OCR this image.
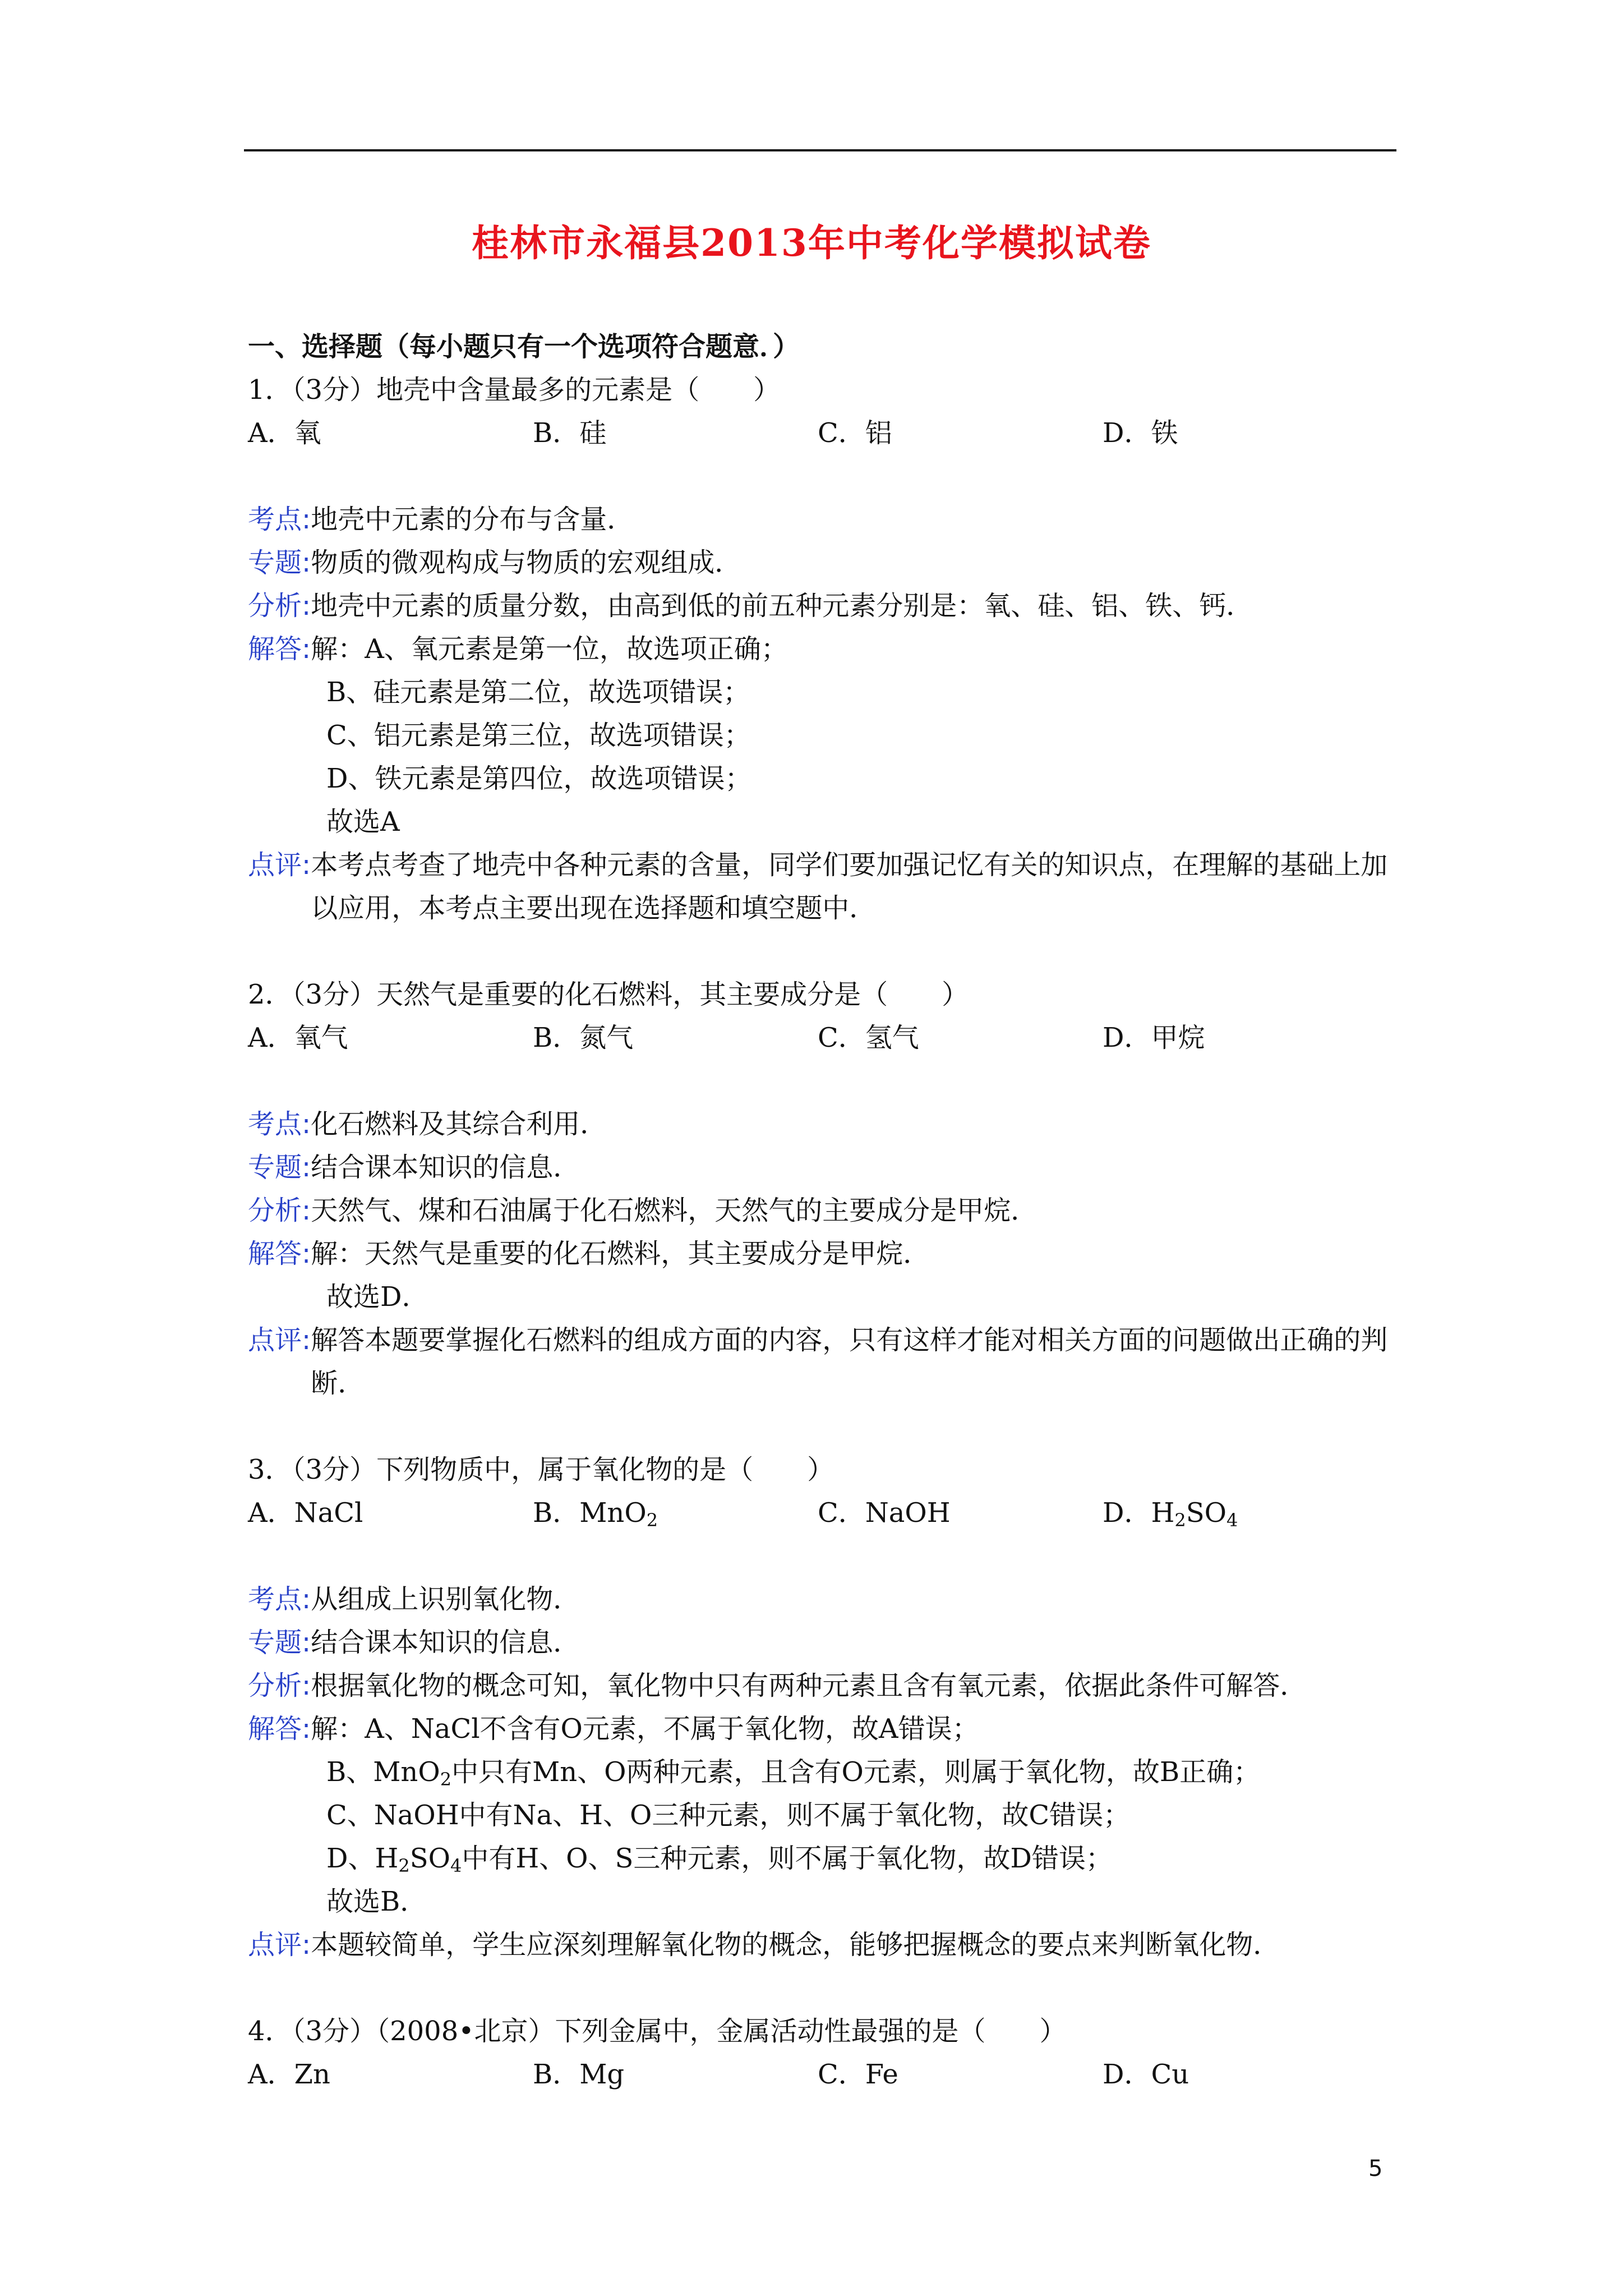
桂林市永福县2013年中考化学模拟试卷
一、选择题（每小题只有一个选项符合题意．）
1．（3分）地壳中含量最多的元素是（　　）
A．氧	B．硅	C．铝	D．铁
考点:地壳中元素的分布与含量．
专题:物质的微观构成与物质的宏观组成．
分析:地壳中元素的质量分数，由高到低的前五种元素分别是：氧、硅、铝、铁、钙．
解答:解：A、氧元素是第一位，故选项正确；
B、硅元素是第二位，故选项错误；
C、铝元素是第三位，故选项错误；
D、铁元素是第四位，故选项错误；
故选A
点评: 本考点考查了地壳中各种元素的含量，同学们要加强记忆有关的知识点，在理解的基础上加以应用，本考点主要出现在选择题和填空题中．
2．（3分）天然气是重要的化石燃料，其主要成分是（　　）
A．氧气	B．氮气	C．氢气	D．甲烷
考点:化石燃料及其综合利用．
专题:结合课本知识的信息．
分析:天然气、煤和石油属于化石燃料，天然气的主要成分是甲烷．
解答:解：天然气是重要的化石燃料，其主要成分是甲烷．
故选D．
点评: 解答本题要掌握化石燃料的组成方面的内容，只有这样才能对相关方面的问题做出正确的判断．
3．（3分）下列物质中，属于氧化物的是（　　）
A．NaCl	B．MnO$_2$	C．NaOH	D．$H_2SO_4$
考点:从组成上识别氧化物．
专题:结合课本知识的信息．
分析:根据氧化物的概念可知，氧化物中只有两种元素且含有氧元素，依据此条件可解答．
解答:解：A、NaCl不含有O元素，不属于氧化物，故A错误；
B、MnO$_2$中只有Mn、O两种元素，且含有O元素，则属于氧化物，故B正确；
C、NaOH中有Na、H、O三种元素，则不属于氧化物，故C错误；
D、$H_2SO_4$中有H、O、S三种元素，则不属于氧化物，故D错误；
故选B．
点评:本题较简单，学生应深刻理解氧化物的概念，能够把握概念的要点来判断氧化物．
4．（3分）（2008•北京）下列金属中，金属活动性最强的是（　　）
A．Zn	B．Mg	C．Fe	D．Cu
5
